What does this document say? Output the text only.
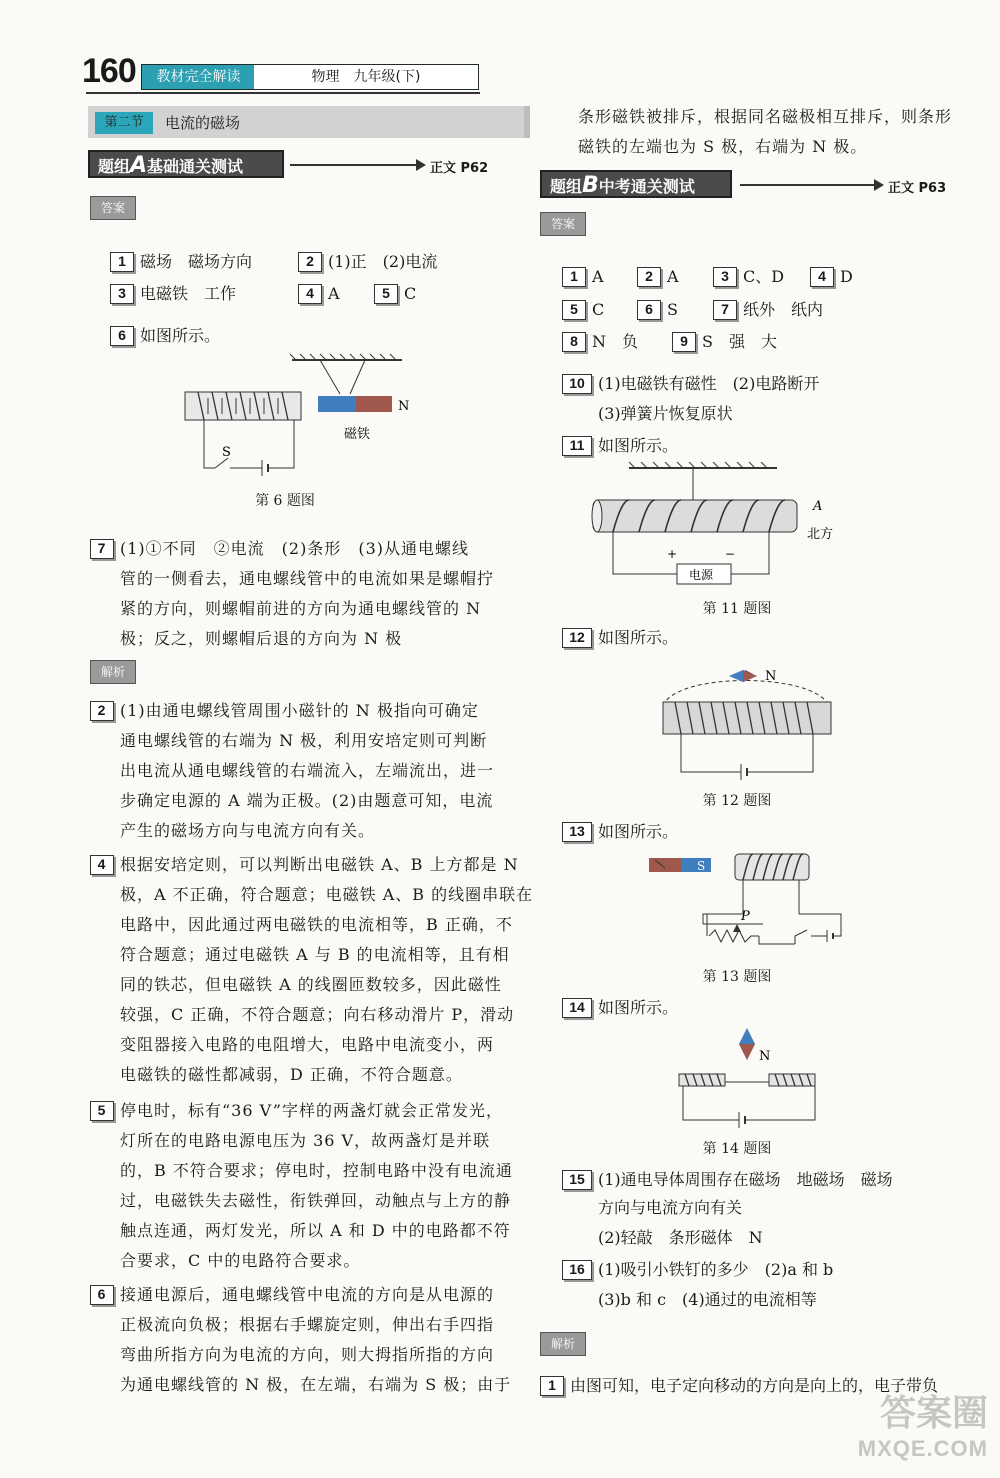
160	教材完全解读	物理　九年级(下)
第二节	电流的磁场
题组A基础通关测试	正文 P62
答案
1 磁场　磁场方向	2 (1)正　(2)电流
3 电磁铁　工作	4 A	5 C
6 如图所示。
N
磁铁
S
第 6 题图
7 (1)①不同　②电流　(2)条形　(3)从通电螺线
管的一侧看去，通电螺线管中的电流如果是螺帽拧
紧的方向，则螺帽前进的方向为通电螺线管的 N
极；反之，则螺帽后退的方向为 N 极
解析
2 (1)由通电螺线管周围小磁针的 N 极指向可确定
通电螺线管的右端为 N 极，利用安培定则可判断
出电流从通电螺线管的右端流入，左端流出，进一
步确定电源的 A 端为正极。(2)由题意可知，电流
产生的磁场方向与电流方向有关。
4 根据安培定则，可以判断出电磁铁 A、B 上方都是 N
极，A 不正确，符合题意；电磁铁 A、B 的线圈串联在
电路中，因此通过两电磁铁的电流相等，B 正确，不
符合题意；通过电磁铁 A 与 B 的电流相等，且有相
同的铁芯，但电磁铁 A 的线圈匝数较多，因此磁性
较强，C 正确，不符合题意；向右移动滑片 P，滑动
变阻器接入电路的电阻增大，电路中电流变小，两
电磁铁的磁性都减弱，D 正确，不符合题意。
5 停电时，标有“36 V”字样的两盏灯就会正常发光，
灯所在的电路电源电压为 36 V，故两盏灯是并联
的，B 不符合要求；停电时，控制电路中没有电流通
过，电磁铁失去磁性，衔铁弹回，动触点与上方的静
触点连通，两灯发光，所以 A 和 D 中的电路都不符
合要求，C 中的电路符合要求。
6 接通电源后，通电螺线管中电流的方向是从电源的
正极流向负极；根据右手螺旋定则，伸出右手四指
弯曲所指方向为电流的方向，则大拇指所指的方向
为通电螺线管的 N 极，在左端，右端为 S 极；由于
条形磁铁被排斥，根据同名磁极相互排斥，则条形
磁铁的左端也为 S 极，右端为 N 极。
题组B中考通关测试	正文 P63
答案
1 A	2 A	3 C、D	4 D
5 C	6 S	7 纸外　纸内
8 N　负	9 S　强　大
10 (1)电磁铁有磁性　(2)电路断开
(3)弹簧片恢复原状
11 如图所示。
A
北方
电源
+	−
第 11 题图
12 如图所示。
N
第 12 题图
13 如图所示。
S
P
第 13 题图
14 如图所示。
N
第 14 题图
15 (1)通电导体周围存在磁场　地磁场　磁场
方向与电流方向有关
(2)轻敲　条形磁体　N
16 (1)吸引小铁钉的多少　(2)a 和 b
(3)b 和 c　(4)通过的电流相等
解析
1 由图可知，电子定向移动的方向是向上的，电子带负
答案圈
MXQE.COM
